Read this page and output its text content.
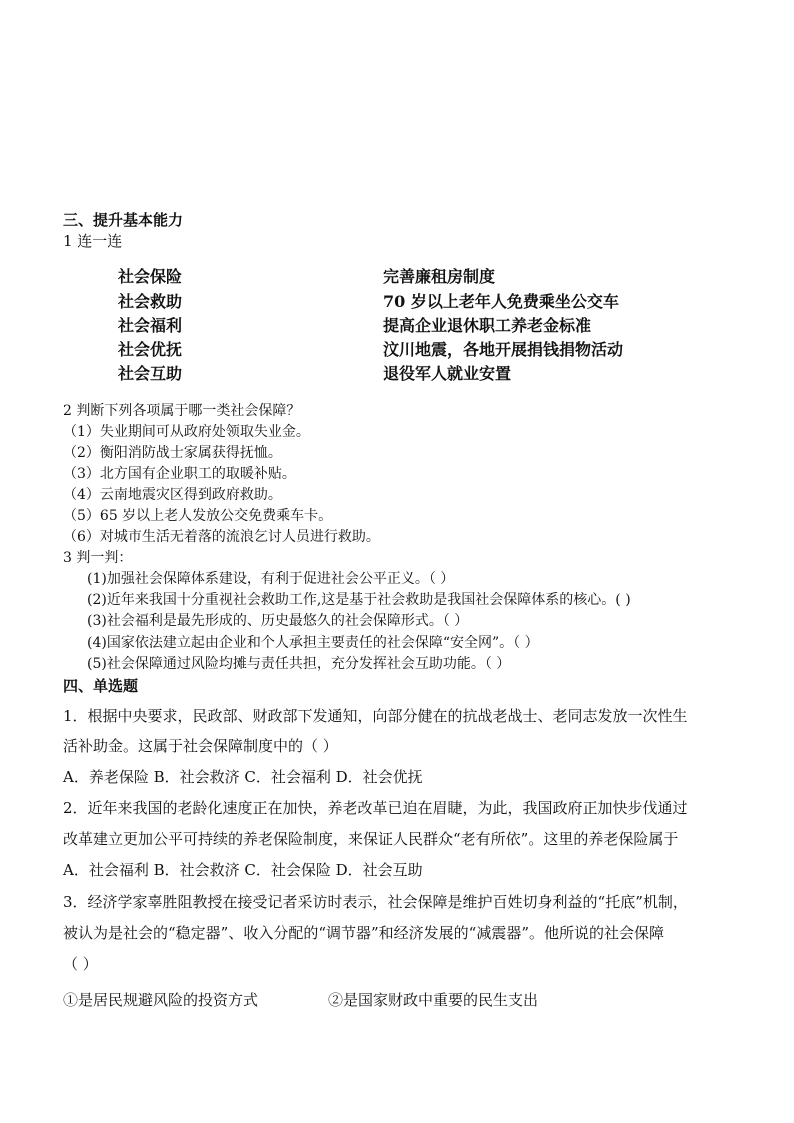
三、提升基本能力
1 连一连
社会保险
社会救助
社会福利
社会优抚
社会互助
完善廉租房制度
70 岁以上老年人免费乘坐公交车
提高企业退休职工养老金标准
汶川地震，各地开展捐钱捐物活动
退役军人就业安置
2 判断下列各项属于哪一类社会保障？
（1）失业期间可从政府处领取失业金。
（2）衡阳消防战士家属获得抚恤。
（3）北方国有企业职工的取暖补贴。
（4）云南地震灾区得到政府救助。
（5）65 岁以上老人发放公交免费乘车卡。
（6）对城市生活无着落的流浪乞讨人员进行救助。
3 判一判：
(1)加强社会保障体系建设，有利于促进社会公平正义。（ ）
(2)近年来我国十分重视社会救助工作,这是基于社会救助是我国社会保障体系的核心。( )
(3)社会福利是最先形成的、历史最悠久的社会保障形式。（ ）
(4)国家依法建立起由企业和个人承担主要责任的社会保障“安全网”。（ ）
(5)社会保障通过风险均摊与责任共担，充分发挥社会互助功能。（ ）
四、单选题
1．根据中央要求，民政部、财政部下发通知，向部分健在的抗战老战士、老同志发放一次性生
活补助金。这属于社会保障制度中的（ ）
A．养老保险 B．社会救济 C．社会福利 D．社会优抚
2．近年来我国的老龄化速度正在加快，养老改革已迫在眉睫，为此，我国政府正加快步伐通过
改革建立更加公平可持续的养老保险制度，来保证人民群众“老有所依”。这里的养老保险属于
A．社会福利 B．社会救济 C．社会保险 D．社会互助
3．经济学家辜胜阻教授在接受记者采访时表示，社会保障是维护百姓切身利益的“托底”机制，
被认为是社会的“稳定器”、收入分配的“调节器”和经济发展的“减震器”。他所说的社会保障
（ ）
①是居民规避风险的投资方式	②是国家财政中重要的民生支出
